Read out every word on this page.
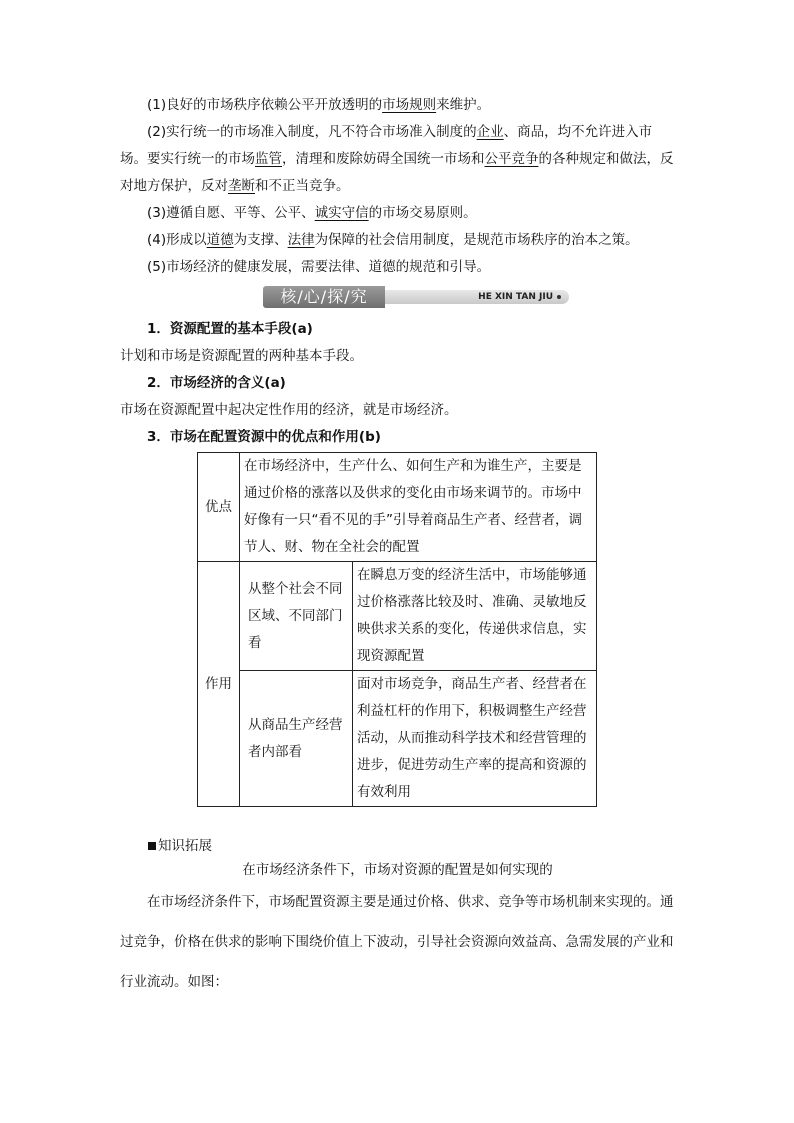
(1)良好的市场秩序依赖公平开放透明的市场规则来维护。

(2)实行统一的市场准入制度，凡不符合市场准入制度的企业、商品，均不允许进入市场。要实行统一的市场监管，清理和废除妨碍全国统一市场和公平竞争的各种规定和做法，反对地方保护，反对垄断和不正当竞争。

(3)遵循自愿、平等、公平、诚实守信的市场交易原则。

(4)形成以道德为支撑、法律为保障的社会信用制度，是规范市场秩序的治本之策。

(5)市场经济的健康发展，需要法律、道德的规范和引导。

核/心/探/究	HE XIN TAN JIU

1．资源配置的基本手段(a)

计划和市场是资源配置的两种基本手段。

2．市场经济的含义(a)

市场在资源配置中起决定性作用的经济，就是市场经济。

3．市场在配置资源中的优点和作用(b)

优点	在市场经济中，生产什么、如何生产和为谁生产，主要是通过价格的涨落以及供求的变化由市场来调节的。市场中好像有一只“看不见的手”引导着商品生产者、经营者，调节人、财、物在全社会的配置	
作用	从整个社会不同区域、不同部门看	在瞬息万变的经济生活中，市场能够通过价格涨落比较及时、准确、灵敏地反映供求关系的变化，传递供求信息，实现资源配置
	从商品生产经营者内部看	面对市场竞争，商品生产者、经营者在利益杠杆的作用下，积极调整生产经营活动，从而推动科学技术和经营管理的进步，促进劳动生产率的提高和资源的有效利用
知识拓展
在市场经济条件下，市场对资源的配置是如何实现的

在市场经济条件下，市场配置资源主要是通过价格、供求、竞争等市场机制来实现的。通过竞争，价格在供求的影响下围绕价值上下波动，引导社会资源向效益高、急需发展的产业和行业流动。如图：
